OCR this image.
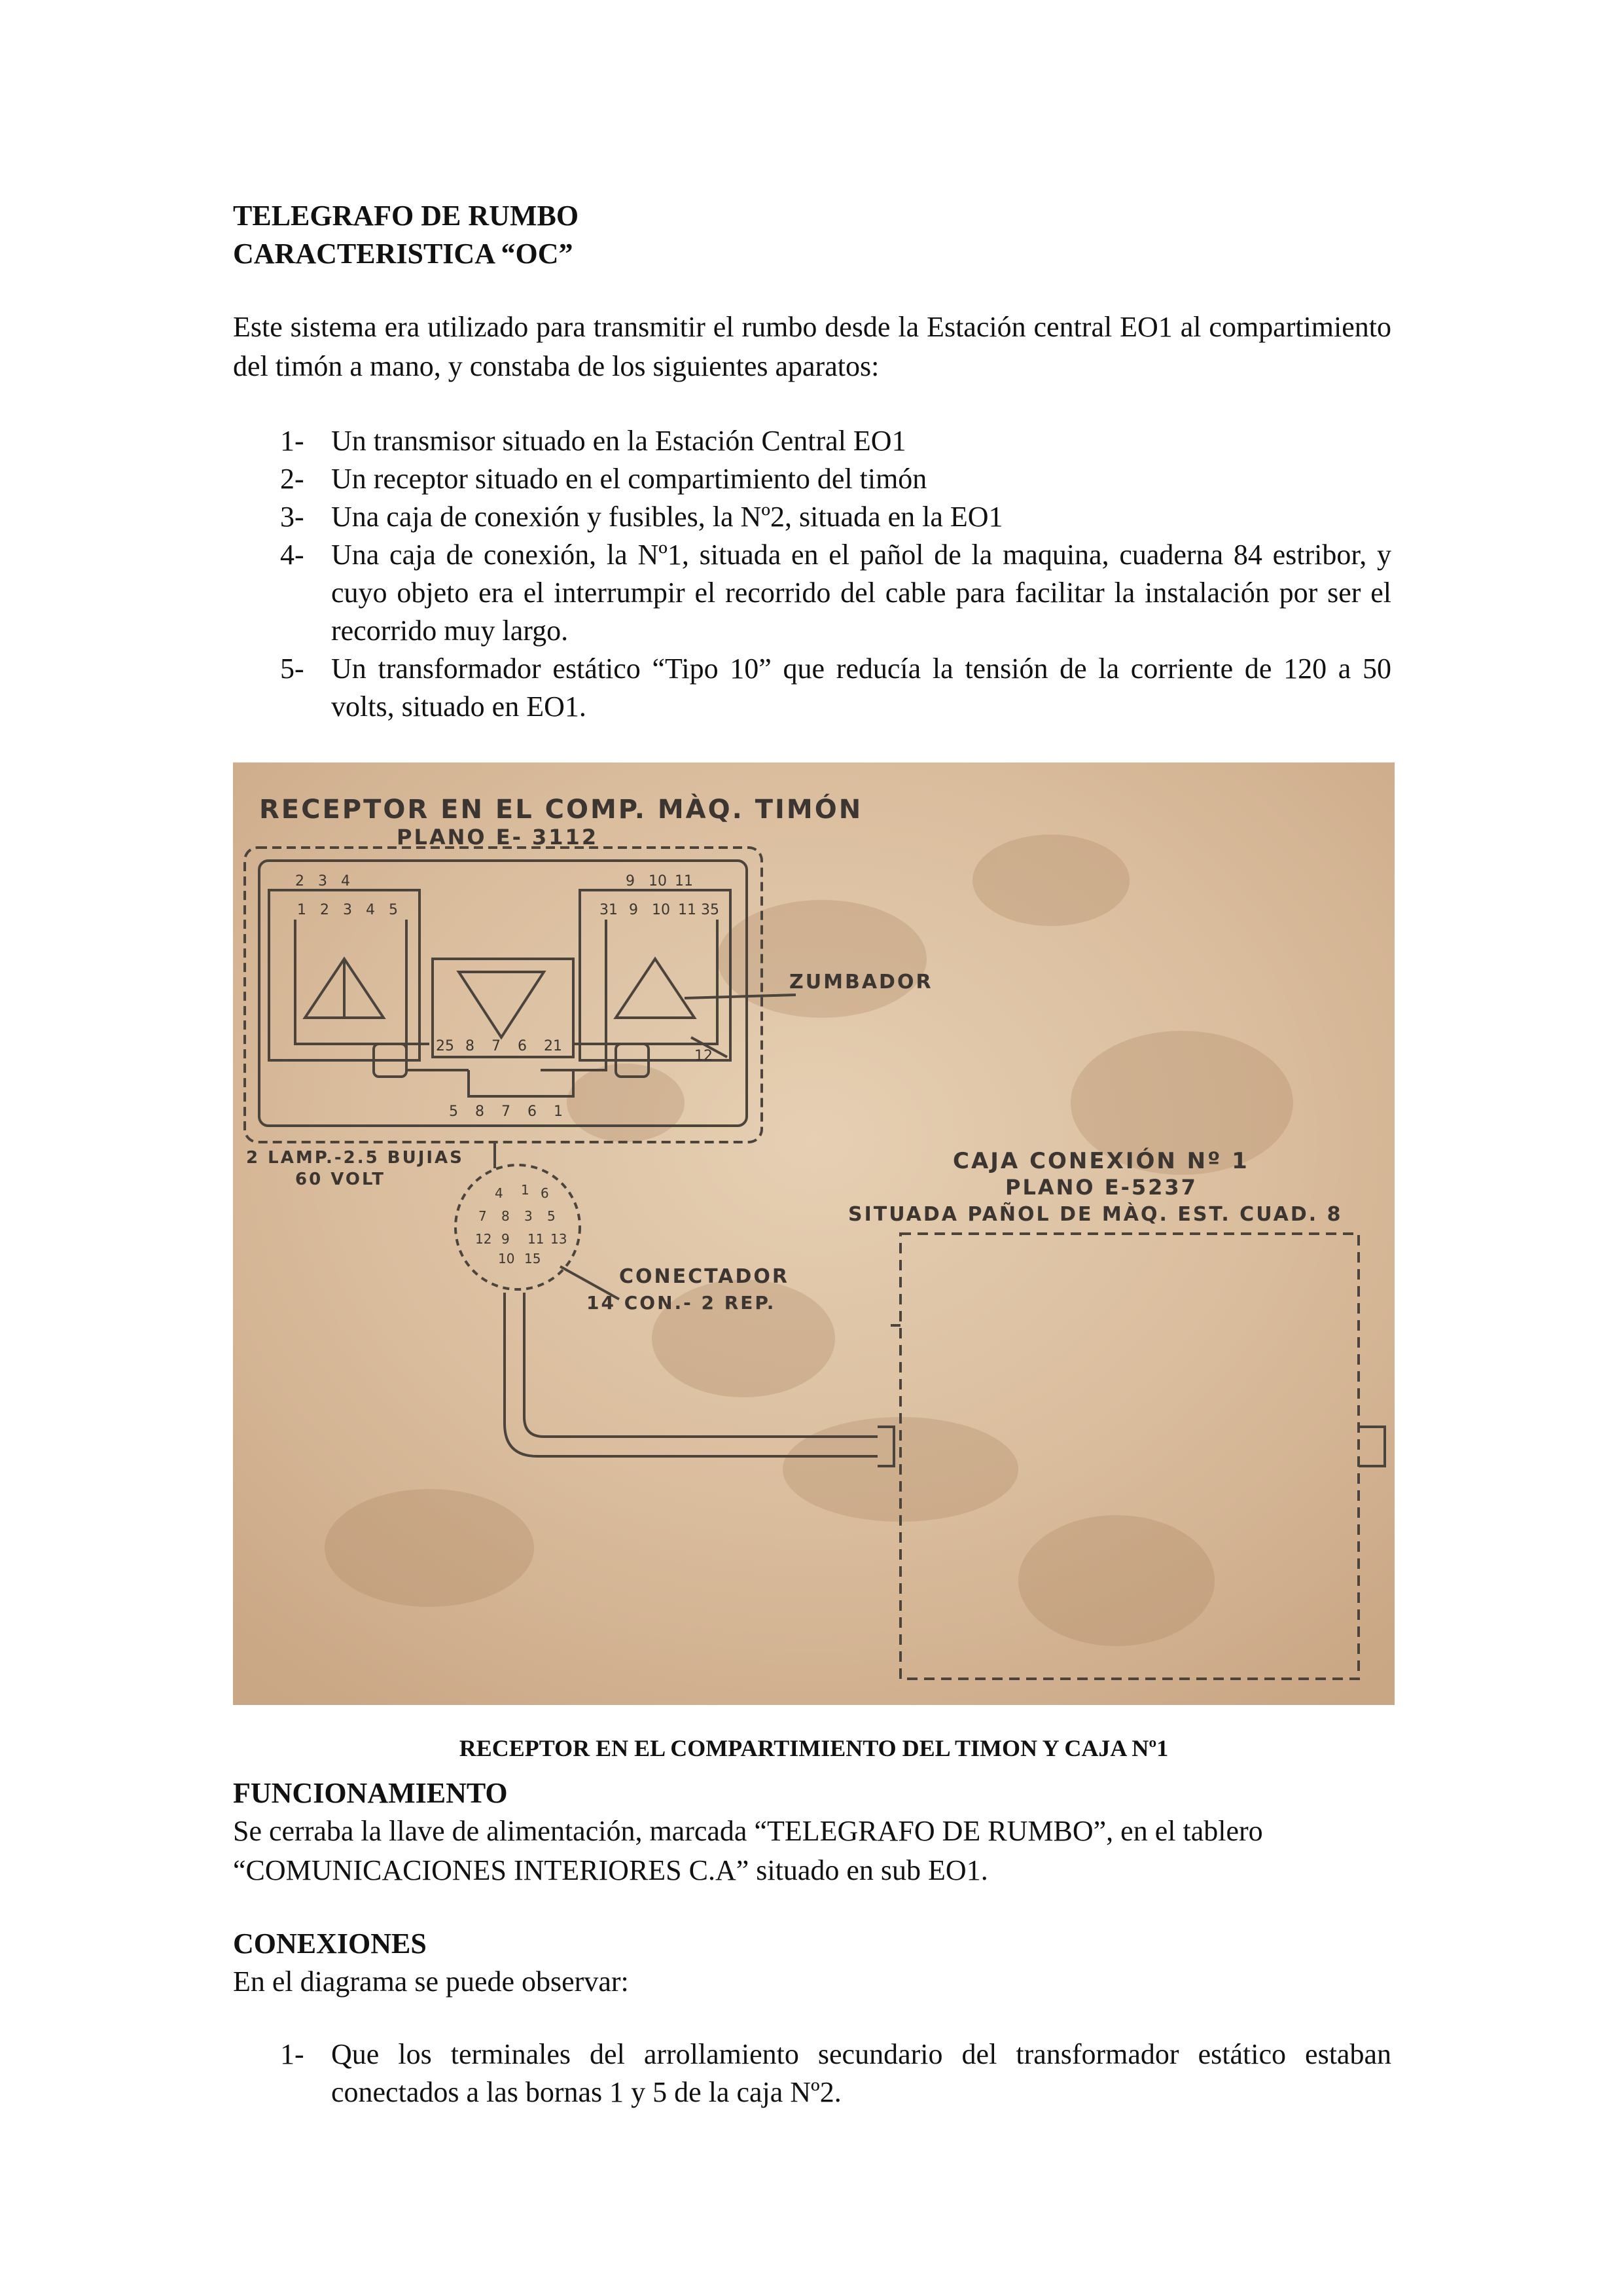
TELEGRAFO DE RUMBO

CARACTERISTICA “OC”

Este sistema era utilizado para transmitir el rumbo desde la Estación central EO1 al compartimiento del timón a mano, y constaba de los siguientes aparatos:

1- Un transmisor situado en la Estación Central EO1
2- Un receptor situado en el compartimiento del timón
3- Una caja de conexión y fusibles, la Nº2, situada en la EO1
4- Una caja de conexión, la Nº1, situada en el pañol de la maquina, cuaderna 84 estribor, y cuyo objeto era el interrumpir el recorrido del cable para facilitar la instalación por ser el recorrido muy largo.
5- Un transformador estático “Tipo 10” que reducía la tensión de la corriente de 120 a 50 volts, situado en EO1.
2 3 4
1 2 3 4 5
9 10 11
31 9 10 11 35
25 8 7 6 21
5 8 7 6 1
12
4 1 6
7 8 3 5
12 9 11 13
10 15
RECEPTOR EN EL COMP. MÀQ. TIMÓN
PLANO E- 3112
ZUMBADOR
2 LAMP.-2.5 BUJIAS
60 VOLT
CAJA CONEXIÓN Nº 1
PLANO E-5237
SITUADA PAÑOL DE MÀQ. EST. CUAD. 8
CONECTADOR
14 CON.- 2 REP.

RECEPTOR EN EL COMPARTIMIENTO DEL TIMON Y CAJA Nº1

FUNCIONAMIENTO

Se cerraba la llave de alimentación, marcada “TELEGRAFO DE RUMBO”, en el tablero “COMUNICACIONES INTERIORES C.A” situado en sub EO1.

CONEXIONES

En el diagrama se puede observar:

1- Que los terminales del arrollamiento secundario del transformador estático estaban conectados a las bornas 1 y 5 de la caja Nº2.
